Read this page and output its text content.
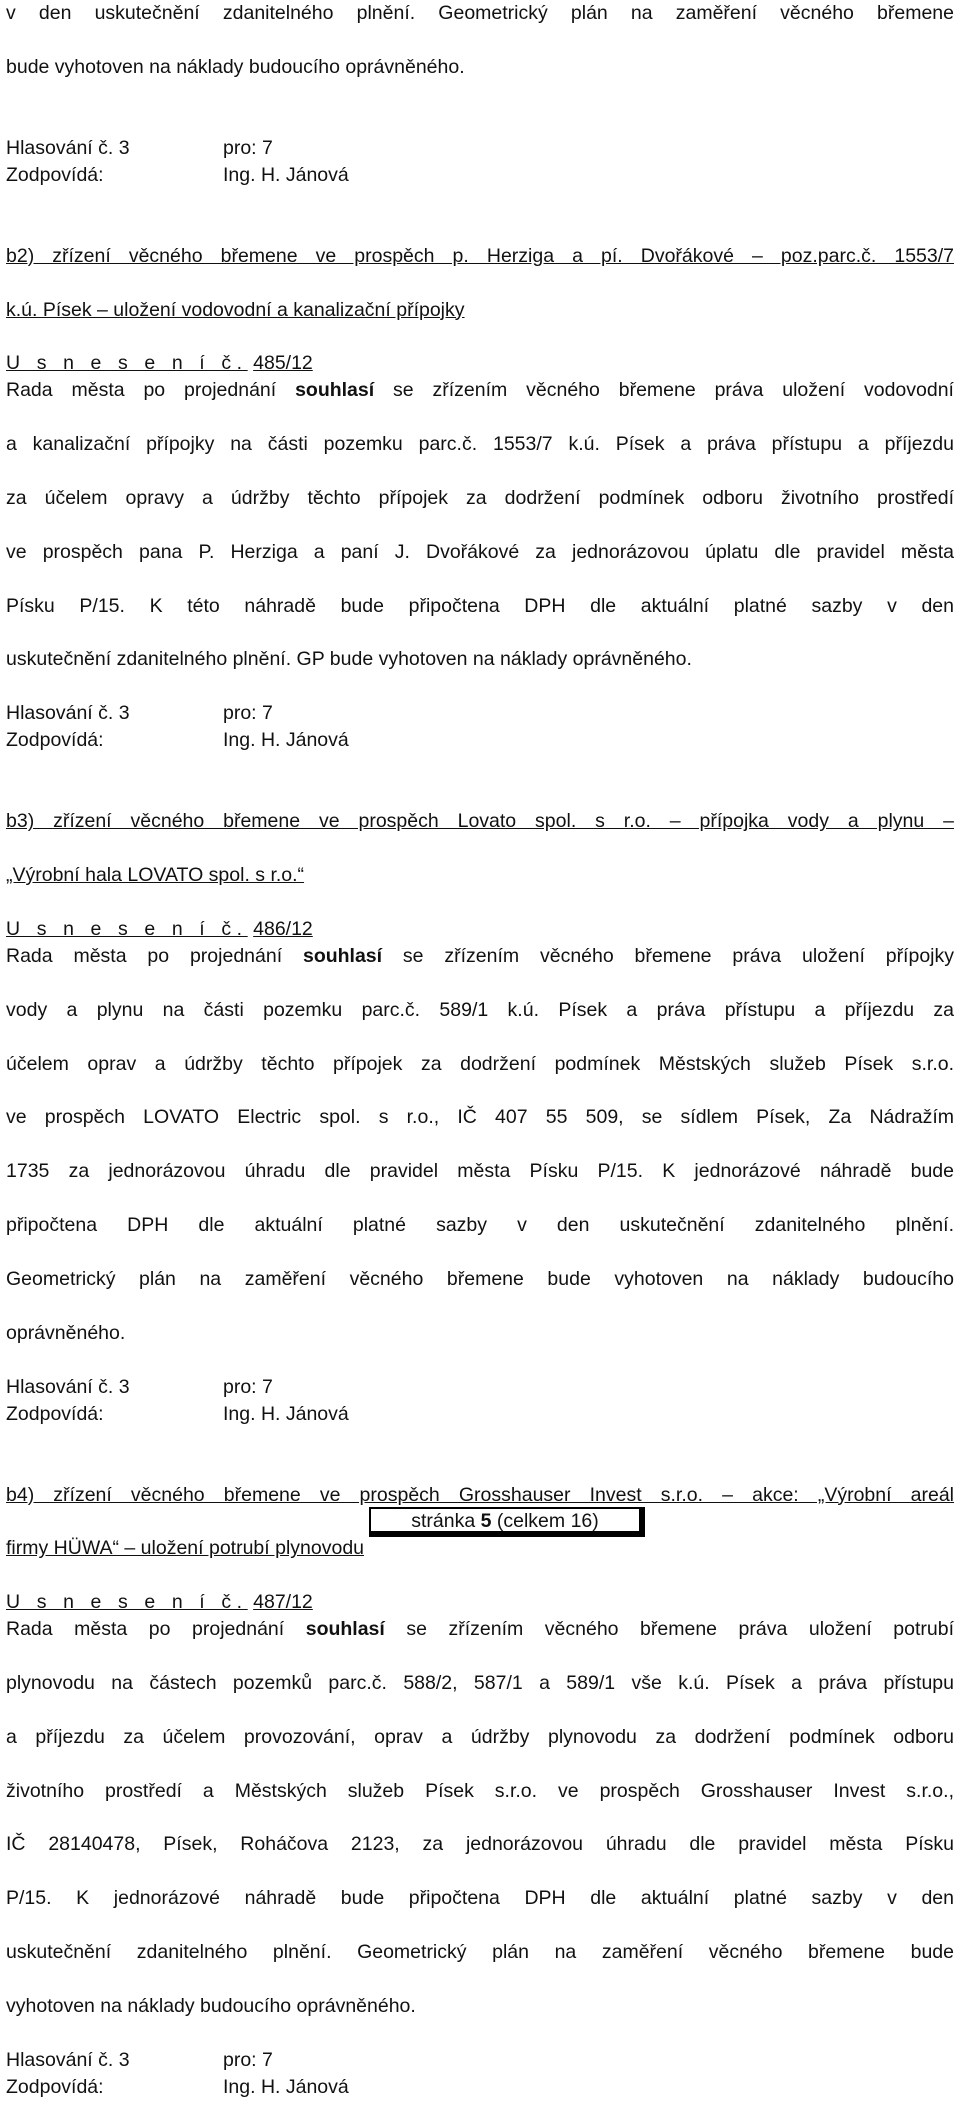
v den uskutečnění zdanitelného plnění. Geometrický plán na zaměření věcného břemene

bude vyhotoven na náklady budoucího oprávněného.

Hlasování č. 3	pro: 7
Zodpovídá:	Ing. H. Jánová

b2) zřízení věcného břemene ve prospěch p. Herziga a pí. Dvořákové – poz.parc.č. 1553/7

k.ú. Písek – uložení vodovodní a kanalizační přípojky

U s n e s e n í č. 485/12

Rada města po projednání souhlasí se zřízením věcného břemene práva uložení vodovodní

a kanalizační přípojky na části pozemku parc.č. 1553/7 k.ú. Písek a práva přístupu a příjezdu

za účelem opravy a údržby těchto přípojek za dodržení podmínek odboru životního prostředí

ve prospěch pana P. Herziga a paní J. Dvořákové za jednorázovou úplatu dle pravidel města

Písku P/15. K této náhradě bude připočtena DPH dle aktuální platné sazby v den

uskutečnění zdanitelného plnění. GP bude vyhotoven na náklady oprávněného.

Hlasování č. 3	pro: 7
Zodpovídá:	Ing. H. Jánová

b3) zřízení věcného břemene ve prospěch Lovato spol. s r.o. – přípojka vody a plynu –

„Výrobní hala LOVATO spol. s r.o.“

U s n e s e n í č. 486/12

Rada města po projednání souhlasí se zřízením věcného břemene práva uložení přípojky

vody a plynu na části pozemku parc.č. 589/1 k.ú. Písek a práva přístupu a příjezdu za

účelem oprav a údržby těchto přípojek za dodržení podmínek Městských služeb Písek s.r.o.

ve prospěch LOVATO Electric spol. s r.o., IČ 407 55 509, se sídlem Písek, Za Nádražím

1735 za jednorázovou úhradu dle pravidel města Písku P/15. K jednorázové náhradě bude

připočtena DPH dle aktuální platné sazby v den uskutečnění zdanitelného plnění.

Geometrický plán na zaměření věcného břemene bude vyhotoven na náklady budoucího

oprávněného.

Hlasování č. 3	pro: 7
Zodpovídá:	Ing. H. Jánová

b4) zřízení věcného břemene ve prospěch Grosshauser Invest s.r.o. – akce: „Výrobní areál

firmy HÜWA“ – uložení potrubí plynovodu

U s n e s e n í č. 487/12

Rada města po projednání souhlasí se zřízením věcného břemene práva uložení potrubí

plynovodu na částech pozemků parc.č. 588/2, 587/1 a 589/1 vše k.ú. Písek a práva přístupu

a příjezdu za účelem provozování, oprav a údržby plynovodu za dodržení podmínek odboru

životního prostředí a Městských služeb Písek s.r.o. ve prospěch Grosshauser Invest s.r.o.,

IČ 28140478, Písek, Roháčova 2123, za jednorázovou úhradu dle pravidel města Písku

P/15. K jednorázové náhradě bude připočtena DPH dle aktuální platné sazby v den

uskutečnění zdanitelného plnění. Geometrický plán na zaměření věcného břemene bude

vyhotoven na náklady budoucího oprávněného.

Hlasování č. 3	pro: 7
Zodpovídá:	Ing. H. Jánová
stránka 5 (celkem 16)
